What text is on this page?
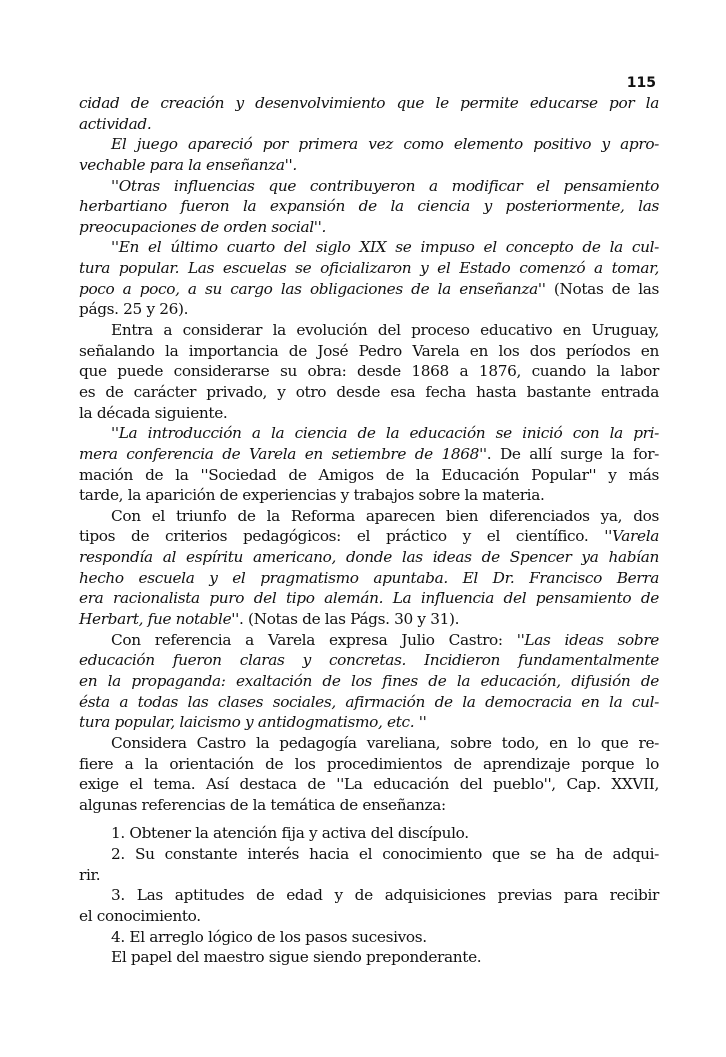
115
cidad de creación y desenvolvimiento que le permite educarse por la
actividad.
El juego apareció por primera vez como elemento positivo y apro-
vechable para la enseñanza''.
''Otras influencias que contribuyeron a modificar el pensamiento
herbartiano fueron la expansión de la ciencia y posteriormente, las
preocupaciones de orden social''.
''En el último cuarto del siglo XIX se impuso el concepto de la cul-
tura popular. Las escuelas se oficializaron y el Estado comenzó a tomar,
poco a poco, a su cargo las obligaciones de la enseñanza'' (Notas de las
págs. 25 y 26).
Entra a considerar la evolución del proceso educativo en Uruguay,
señalando la importancia de José Pedro Varela en los dos períodos en
que puede considerarse su obra: desde 1868 a 1876, cuando la labor
es de carácter privado, y otro desde esa fecha hasta bastante entrada
la década siguiente.
''La introducción a la ciencia de la educación se inició con la pri-
mera conferencia de Varela en setiembre de 1868''. De allí surge la for-
mación de la ''Sociedad de Amigos de la Educación Popular'' y más
tarde, la aparición de experiencias y trabajos sobre la materia.
Con el triunfo de la Reforma aparecen bien diferenciados ya, dos
tipos de criterios pedagógicos: el práctico y el científico. ''Varela
respondía al espíritu americano, donde las ideas de Spencer ya habían
hecho escuela y el pragmatismo apuntaba. El Dr. Francisco Berra
era racionalista puro del tipo alemán. La influencia del pensamiento de
Herbart, fue notable''. (Notas de las Págs. 30 y 31).
Con referencia a Varela expresa Julio Castro: ''Las ideas sobre
educación fueron claras y concretas. Incidieron fundamentalmente
en la propaganda: exaltación de los fines de la educación, difusión de
ésta a todas las clases sociales, afirmación de la democracia en la cul-
tura popular, laicismo y antidogmatismo, etc. ''
Considera Castro la pedagogía vareliana, sobre todo, en lo que re-
fiere a la orientación de los procedimientos de aprendizaje porque lo
exige el tema. Así destaca de ''La educación del pueblo'', Cap. XXVII,
algunas referencias de la temática de enseñanza:
1. Obtener la atención fija y activa del discípulo.
2. Su constante interés hacia el conocimiento que se ha de adqui-
rir.
3. Las aptitudes de edad y de adquisiciones previas para recibir
el conocimiento.
4. El arreglo lógico de los pasos sucesivos.
El papel del maestro sigue siendo preponderante.
